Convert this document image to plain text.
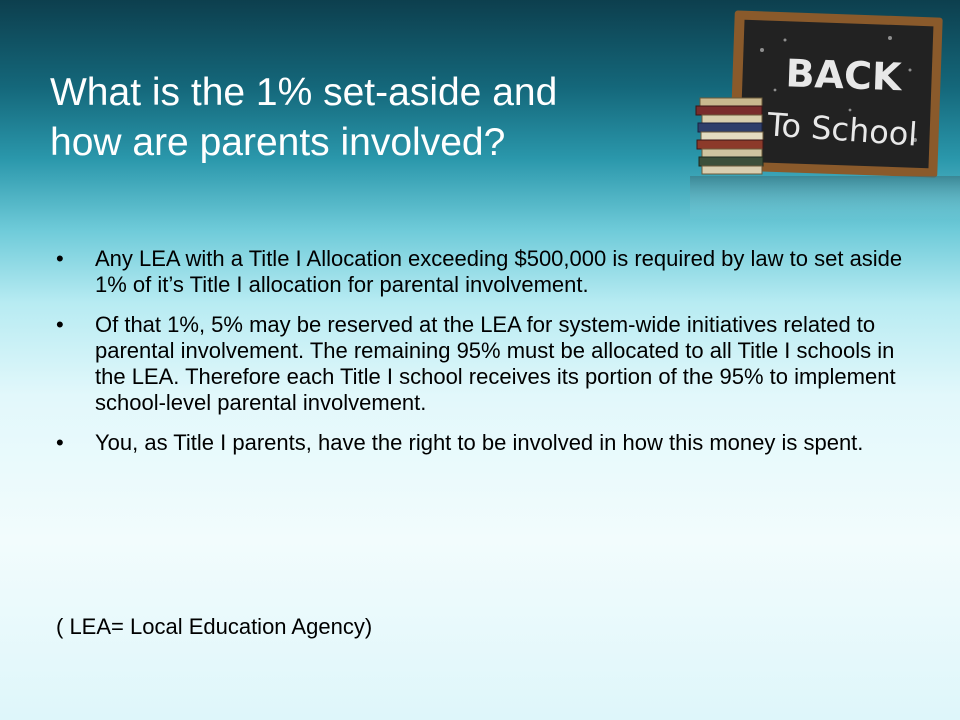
What is the 1% set-aside and
how are parents involved?
BACK
To School
• Any LEA with a Title I Allocation exceeding $500,000 is required by law to set aside 1% of it’s Title I allocation for parental involvement.
• Of that 1%, 5% may be reserved at the LEA for system-wide initiatives related to parental involvement. The remaining 95% must be allocated to all Title I schools in the LEA. Therefore each Title I school receives its portion of the 95% to implement school-level parental involvement.
• You, as Title I parents, have the right to be involved in how this money is spent.

( LEA= Local Education Agency)
